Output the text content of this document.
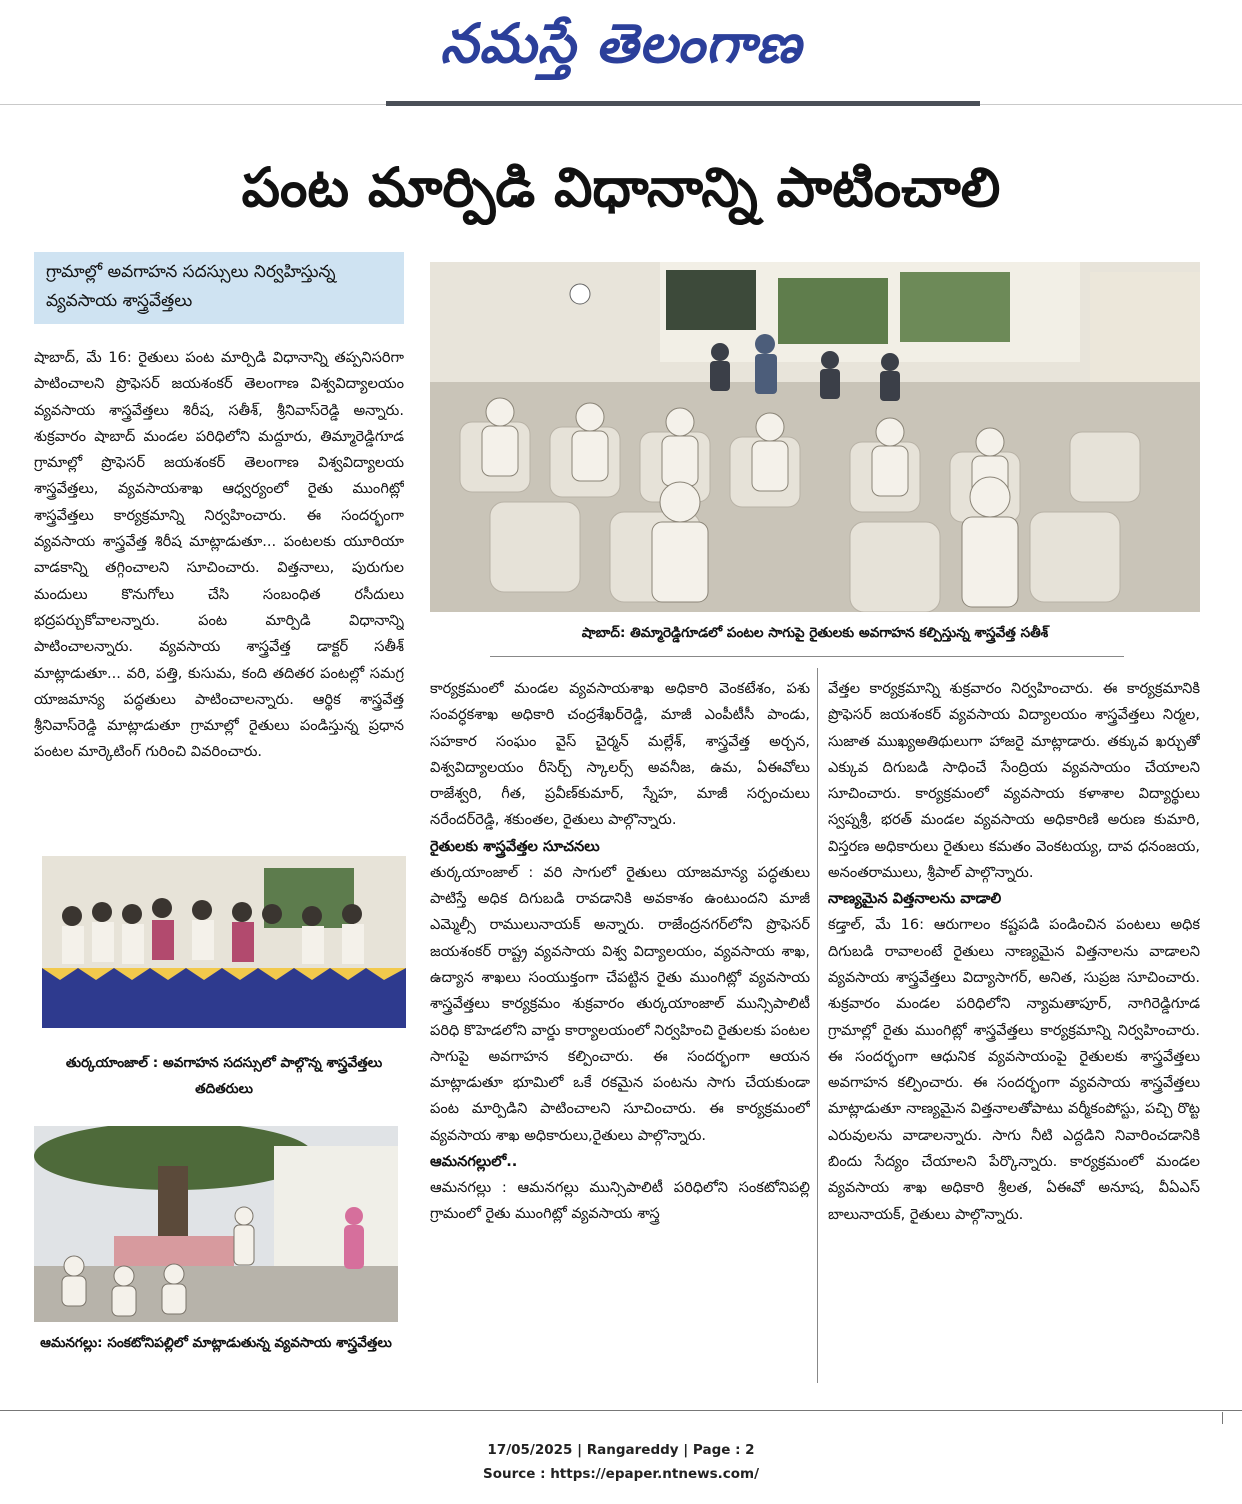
నమస్తే తెలంగాణ
పంట మార్పిడి విధానాన్ని పాటించాలి
గ్రామాల్లో అవగాహన సదస్సులు నిర్వహిస్తున్న వ్యవసాయ శాస్త్రవేత్తలు

షాబాద్, మే 16: రైతులు పంట మార్పిడి విధానాన్ని తప్పనిసరిగా పాటించాలని ప్రొఫెసర్ జయశంకర్ తెలంగాణ విశ్వవిద్యాలయం వ్యవసాయ శాస్త్రవేత్తలు శిరీష, సతీశ్, శ్రీనివాస్‌రెడ్డి అన్నారు. శుక్రవారం షాబాద్ మండల పరిధిలోని మద్దూరు, తిమ్మారెడ్డిగూడ గ్రామాల్లో ప్రొఫెసర్ జయశంకర్ తెలంగాణ విశ్వవిద్యాలయ శాస్త్రవేత్తలు, వ్యవసాయశాఖ ఆధ్వర్యంలో రైతు ముంగిట్లో శాస్త్రవేత్తలు కార్యక్రమాన్ని నిర్వహించారు. ఈ సందర్భంగా వ్యవసాయ శాస్త్రవేత్త శిరీష మాట్లాడుతూ... పంటలకు యూరియా వాడకాన్ని తగ్గించాలని సూచించారు. విత్తనాలు, పురుగుల మందులు కొనుగోలు చేసి సంబంధిత రసీదులు భద్రపర్చుకోవాలన్నారు. పంట మార్పిడి విధానాన్ని పాటించాలన్నారు. వ్యవసాయ శాస్త్రవేత్త డాక్టర్ సతీశ్ మాట్లాడుతూ... వరి, పత్తి, కుసుమ, కంది తదితర పంటల్లో సమగ్ర యాజమాన్య పద్ధతులు పాటించాలన్నారు. ఆర్థిక శాస్త్రవేత్త శ్రీనివాస్‌రెడ్డి మాట్లాడుతూ గ్రామాల్లో రైతులు పండిస్తున్న ప్రధాన పంటల మార్కెటింగ్ గురించి వివరించారు.

షాబాద్: తిమ్మారెడ్డిగూడలో పంటల సాగుపై రైతులకు అవగాహన కల్పిస్తున్న శాస్త్రవేత్త సతీశ్
తుర్కయాంజాల్ : అవగాహన సదస్సులో పాల్గొన్న శాస్త్రవేత్తలు తదితరులు
ఆమనగల్లు: సంకటోనిపల్లిలో మాట్లాడుతున్న వ్యవసాయ శాస్త్రవేత్తలు

కార్యక్రమంలో మండల వ్యవసాయశాఖ అధికారి వెంకటేశం, పశు సంవర్ధకశాఖ అధికారి చంద్రశేఖర్‌రెడ్డి, మాజీ ఎంపీటీసీ పాండు, సహకార సంఘం వైస్ చైర్మన్ మల్లేశ్, శాస్త్రవేత్త అర్చన, విశ్వవిద్యాలయం రీసెర్చ్ స్కాలర్స్ అవనీజ, ఉమ, ఏఈవోలు రాజేశ్వరి, గీత, ప్రవీణ్‌కుమార్, స్నేహ, మాజీ సర్పంచులు నరేందర్‌రెడ్డి, శకుంతల, రైతులు పాల్గొన్నారు.

రైతులకు శాస్త్రవేత్తల సూచనలు

తుర్కయాంజాల్ : వరి సాగులో రైతులు యాజమాన్య పద్ధతులు పాటిస్తే అధిక దిగుబడి రావడానికి అవకాశం ఉంటుందని మాజీ ఎమ్మెల్సీ రాములునాయక్ అన్నారు. రాజేంద్రనగర్‌లోని ప్రొఫెసర్ జయశంకర్ రాష్ట్ర వ్యవసాయ విశ్వ విద్యాలయం, వ్యవసాయ శాఖ, ఉద్యాన శాఖలు సంయుక్తంగా చేపట్టిన రైతు ముంగిట్లో వ్యవసాయ శాస్త్రవేత్తలు కార్యక్రమం శుక్రవారం తుర్కయాంజాల్ మున్సిపాలిటీ పరిధి కొహెడలోని వార్డు కార్యాలయంలో నిర్వహించి రైతులకు పంటల సాగుపై అవగాహన కల్పించారు. ఈ సందర్భంగా ఆయన మాట్లాడుతూ భూమిలో ఒకే రకమైన పంటను సాగు చేయకుండా పంట మార్పిడిని పాటించాలని సూచించారు. ఈ కార్యక్రమంలో వ్యవసాయ శాఖ అధికారులు,రైతులు పాల్గొన్నారు.

ఆమనగల్లులో..

ఆమనగల్లు : ఆమనగల్లు మున్సిపాలిటీ పరిధిలోని సంకటోనిపల్లి గ్రామంలో రైతు ముంగిట్లో వ్యవసాయ శాస్త్ర

వేత్తల కార్యక్రమాన్ని శుక్రవారం నిర్వహించారు. ఈ కార్యక్రమానికి ప్రొఫెసర్ జయశంకర్ వ్యవసాయ విద్యాలయం శాస్త్రవేత్తలు నిర్మల, సుజాత ముఖ్యఅతిథులుగా హాజరై మాట్లాడారు. తక్కువ ఖర్చుతో ఎక్కువ దిగుబడి సాధించే సేంద్రియ వ్యవసాయం చేయాలని సూచించారు. కార్యక్రమంలో వ్యవసాయ కళాశాల విద్యార్థులు స్వప్నశ్రీ, భరత్ మండల వ్యవసాయ అధికారిణి అరుణ కుమారి, విస్తరణ అధికారులు రైతులు కమతం వెంకటయ్య, దావ ధనంజయ, అనంతరాములు, శ్రీపాల్ పాల్గొన్నారు.

నాణ్యమైన విత్తనాలను వాడాలి

కడ్తాల్, మే 16: ఆరుగాలం కష్టపడి పండించిన పంటలు అధిక దిగుబడి రావాలంటే రైతులు నాణ్యమైన విత్తనాలను వాడాలని వ్యవసాయ శాస్త్రవేత్తలు విద్యాసాగర్, అనిత, సుప్రజ సూచించారు. శుక్రవారం మండల పరిధిలోని న్యామతాపూర్, నాగిరెడ్డిగూడ గ్రామాల్లో రైతు ముంగిట్లో శాస్త్రవేత్తలు కార్యక్రమాన్ని నిర్వహించారు. ఈ సందర్భంగా ఆధునిక వ్యవసాయంపై రైతులకు శాస్త్రవేత్తలు అవగాహన కల్పించారు. ఈ సందర్భంగా వ్యవసాయ శాస్త్రవేత్తలు మాట్లాడుతూ నాణ్యమైన విత్తనాలతోపాటు వర్మీకంపోస్టు, పచ్చి రొట్ట ఎరువులను వాడాలన్నారు. సాగు నీటి ఎద్దడిని నివారించడానికి బిందు సేద్యం చేయాలని పేర్కొన్నారు. కార్యక్రమంలో మండల వ్యవసాయ శాఖ అధికారి శ్రీలత, ఏఈవో అనూష, వీఏఎస్ బాలునాయక్, రైతులు పాల్గొన్నారు.

17/05/2025 | Rangareddy | Page : 2
Source : https://epaper.ntnews.com/
